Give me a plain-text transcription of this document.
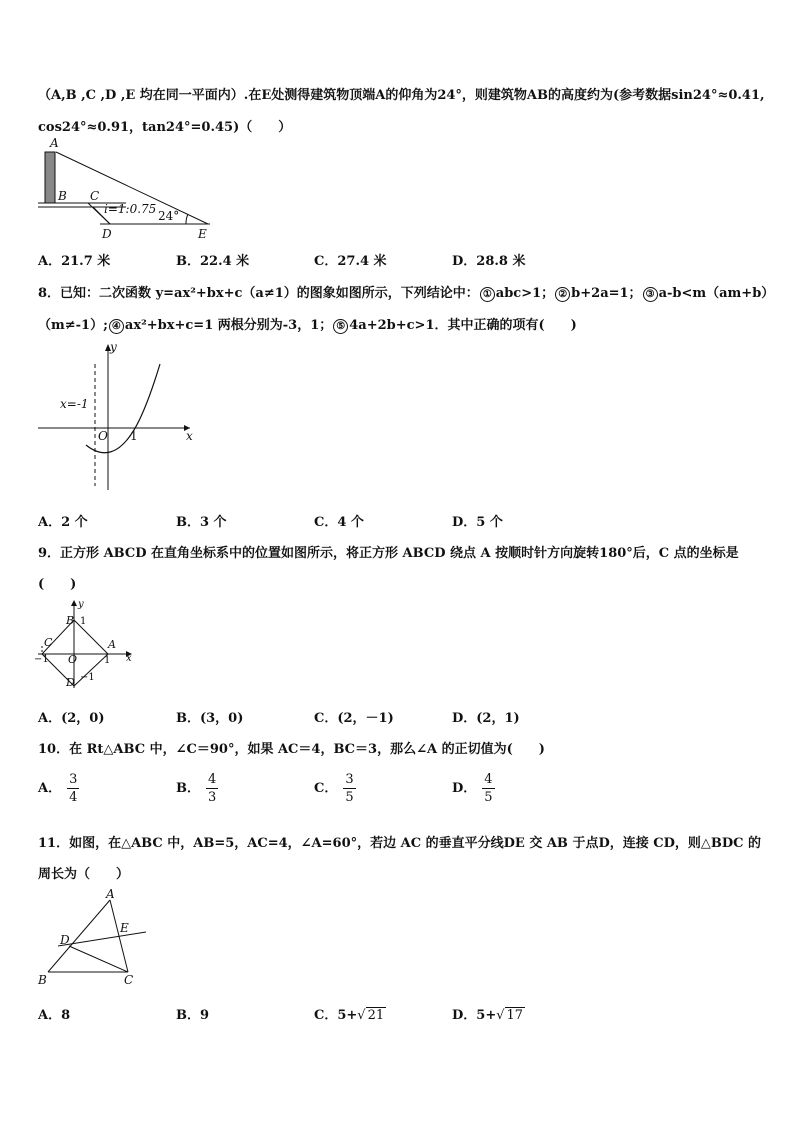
（A,B ,C ,D ,E 均在同一平面内）.在E处测得建筑物顶端A的仰角为24°，则建筑物AB的高度约为(参考数据sin24°≈0.41,
cos24°≈0.91，tan24°=0.45)（　　）
A
B C
D	E
i=1:0.75 24°
A．21.7 米	B．22.4 米	C．27.4 米	D．28.8 米
8．已知：二次函数 y=ax²+bx+c（a≠1）的图象如图所示，下列结论中： ① abc>1； ② b+2a=1； ③ a-b<m（am+b）
（m≠-1）; ④ ax²+bx+c=1 两根分别为-3，1； ⑤ 4a+2b+c>1．其中正确的项有(　　)
y
x
x=-1
O 1
A．2 个	B．3 个	C．4 个	D．5 个
9．正方形 ABCD 在直角坐标系中的位置如图所示，将正方形 ABCD 绕点 A 按顺时针方向旋转180°后，C 点的坐标是
(　　)
y
x
B
A
C
D
O
1
−1	1
−1
A．(2，0)	B．(3，0)	C．(2，－1)	D．(2，1)
10．在 Rt△ABC 中，∠C＝90°，如果 AC＝4，BC＝3，那么∠A 的正切值为(　　)
A． $\frac{3}{4}$	B． $\frac{4}{3}$	C． $\frac{3}{5}$	D． $\frac{4}{5}$
11．如图，在△ABC 中，AB=5，AC=4，∠A=60°，若边 AC 的垂直平分线DE 交 AB 于点D，连接 CD，则△BDC 的
周长为（　　）
A
B	C
D
E
A．8	B．9	C．5+√ 21	D．5+√ 17
